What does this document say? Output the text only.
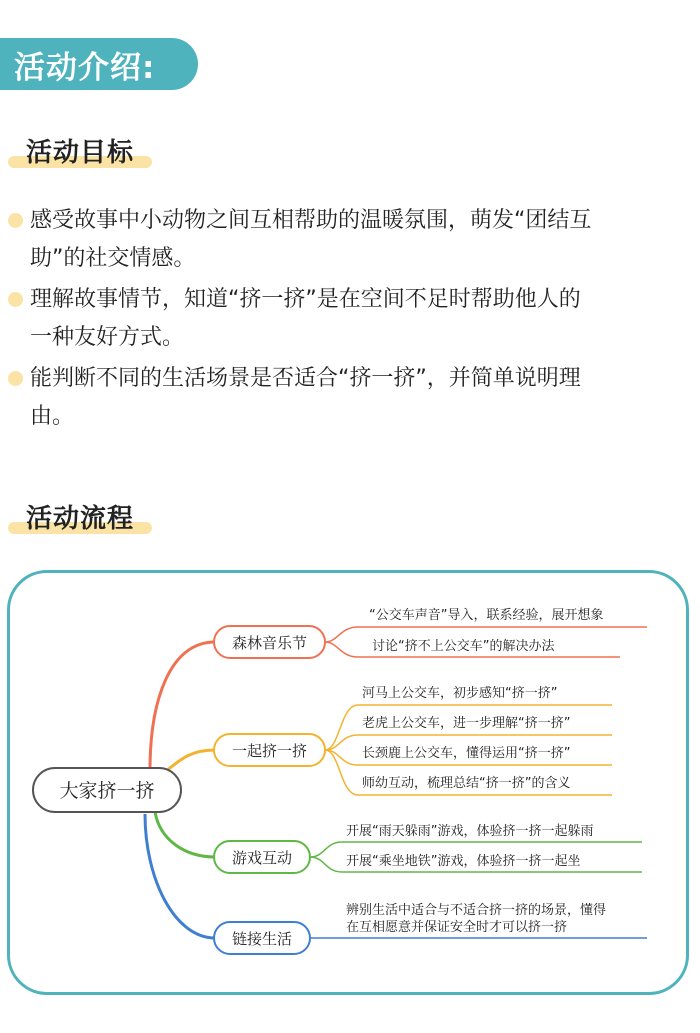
活动介绍:
活动目标
感受故事中小动物之间互相帮助的温暖氛围，萌发“团结互
助”的社交情感。
理解故事情节，知道“挤一挤”是在空间不足时帮助他人的
一种友好方式。
能判断不同的生活场景是否适合“挤一挤”，并简单说明理
由。
活动流程
大家挤一挤
森林音乐节
一起挤一挤
游戏互动
链接生活
“公交车声音”导入，联系经验，展开想象
讨论“挤不上公交车”的解决办法
河马上公交车，初步感知“挤一挤”
老虎上公交车，进一步理解“挤一挤”
长颈鹿上公交车，懂得运用“挤一挤”
师幼互动，梳理总结“挤一挤”的含义
开展“雨天躲雨”游戏，体验挤一挤一起躲雨
开展“乘坐地铁”游戏，体验挤一挤一起坐
辨别生活中适合与不适合挤一挤的场景，懂得
在互相愿意并保证安全时才可以挤一挤
